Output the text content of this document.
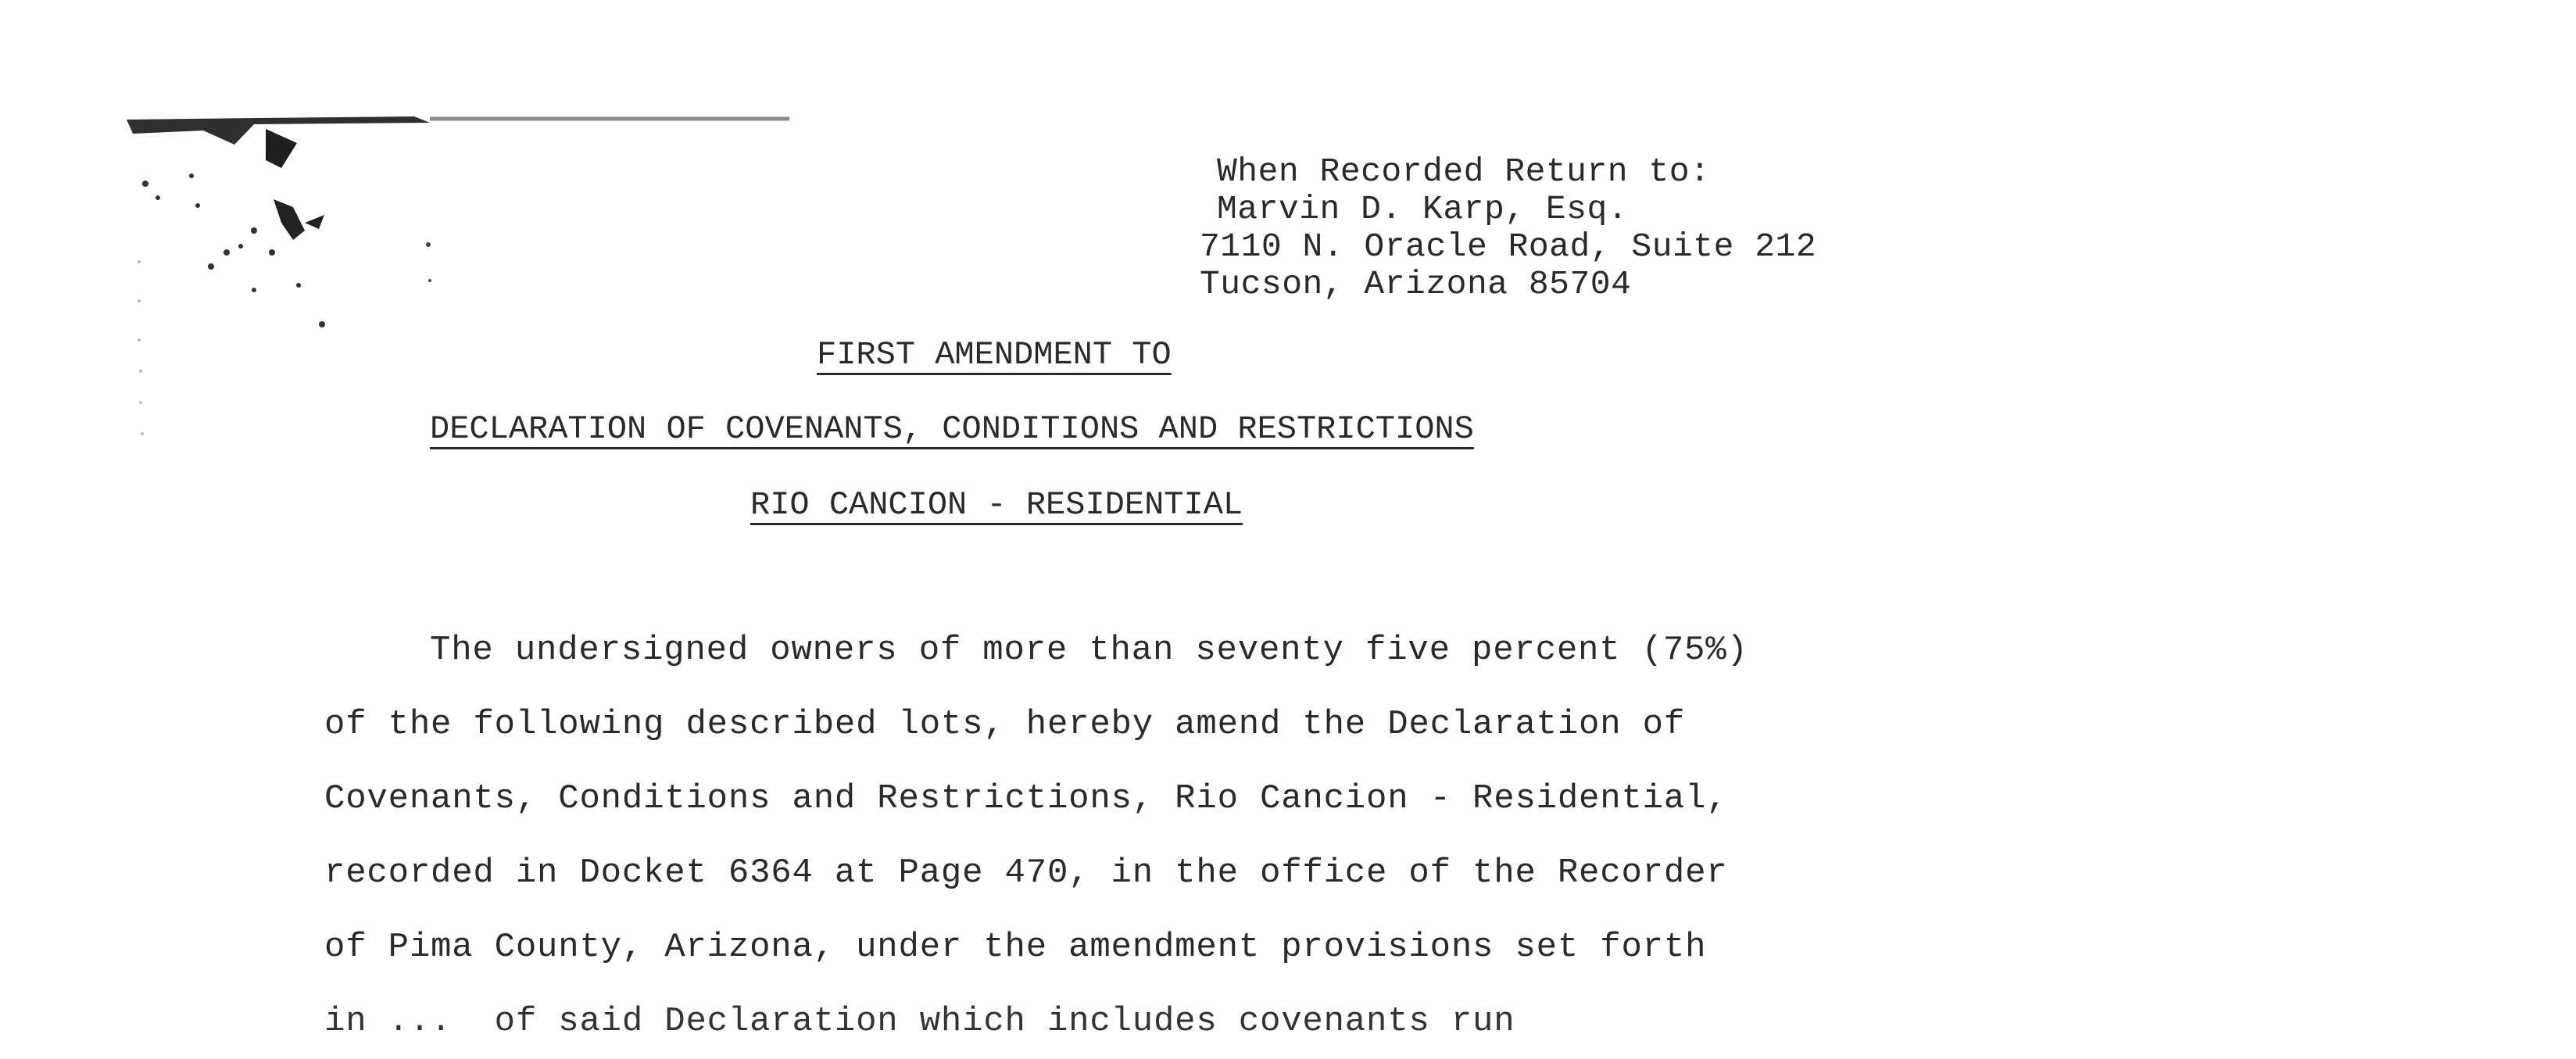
When Recorded Return to:
Marvin D. Karp, Esq.
7110 N. Oracle Road, Suite 212
Tucson, Arizona 85704
FIRST AMENDMENT TO
DECLARATION OF COVENANTS, CONDITIONS AND RESTRICTIONS
RIO CANCION - RESIDENTIAL
The undersigned owners of more than seventy five percent (75%)
of the following described lots, hereby amend the Declaration of
Covenants, Conditions and Restrictions, Rio Cancion - Residential,
recorded in Docket 6364 at Page 470, in the office of the Recorder
of Pima County, Arizona, under the amendment provisions set forth
in ...  of said Declaration which includes covenants run
